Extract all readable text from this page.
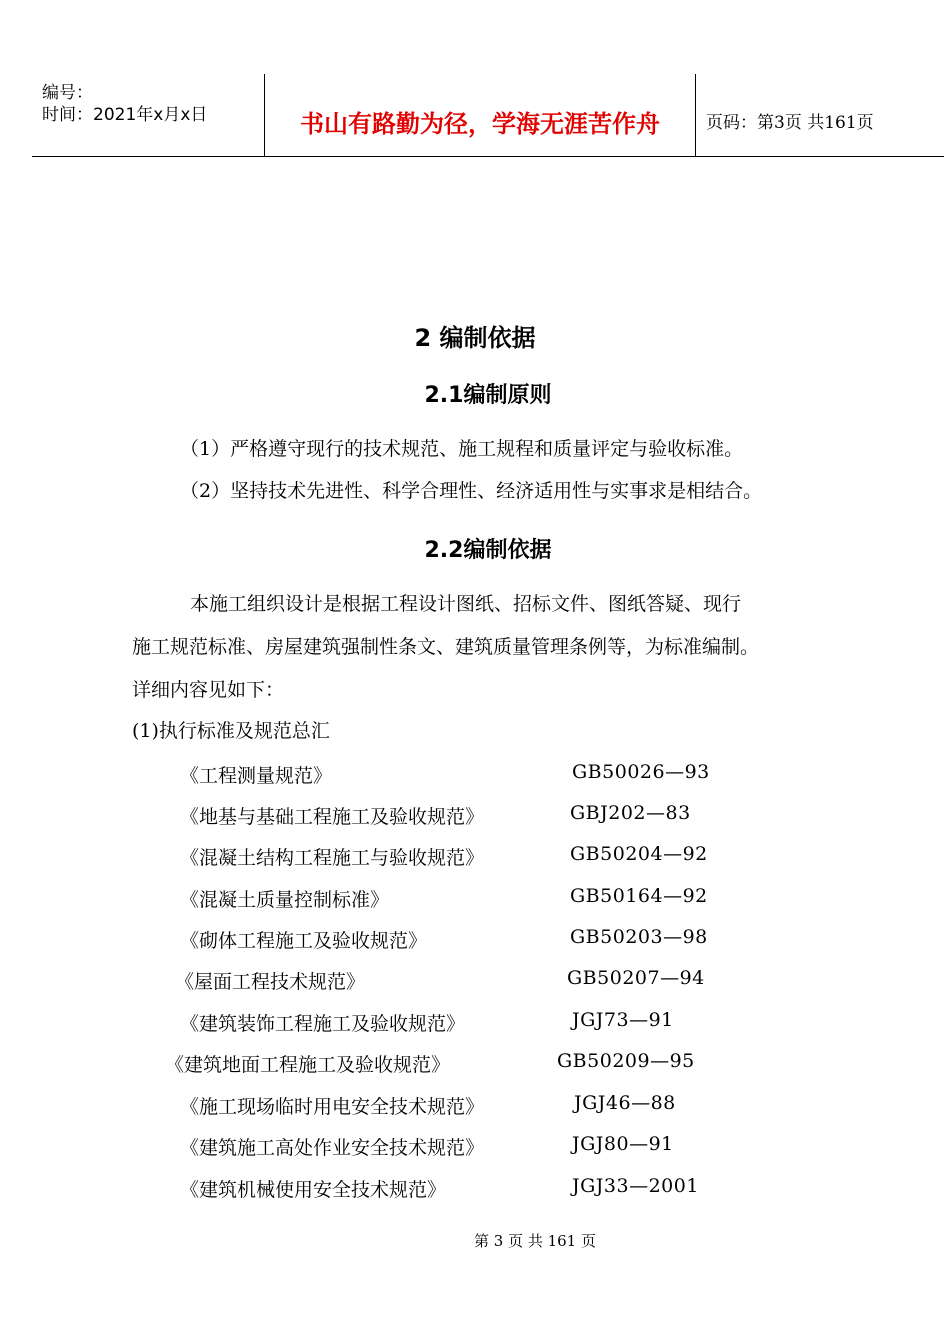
编号：
时间：2021年x月x日	书山有路勤为径，学海无涯苦作舟	页码：第3页 共161页
2 编制依据
2.1编制原则
（1）严格遵守现行的技术规范、施工规程和质量评定与验收标准。
（2）坚持技术先进性、科学合理性、经济适用性与实事求是相结合。
2.2编制依据
本施工组织设计是根据工程设计图纸、招标文件、图纸答疑、现行
施工规范标准、房屋建筑强制性条文、建筑质量管理条例等，为标准编制。
详细内容见如下：
(1)执行标准及规范总汇
《工程测量规范》	GB50026—93
《地基与基础工程施工及验收规范》	GBJ202—83
《混凝土结构工程施工与验收规范》	GB50204—92
《混凝土质量控制标准》	GB50164—92
《砌体工程施工及验收规范》	GB50203—98
《屋面工程技术规范》	GB50207—94
《建筑装饰工程施工及验收规范》	JGJ73—91
《建筑地面工程施工及验收规范》	GB50209—95
《施工现场临时用电安全技术规范》	JGJ46—88
《建筑施工高处作业安全技术规范》	JGJ80—91
《建筑机械使用安全技术规范》	JGJ33—2001
第 3 页 共 161 页
